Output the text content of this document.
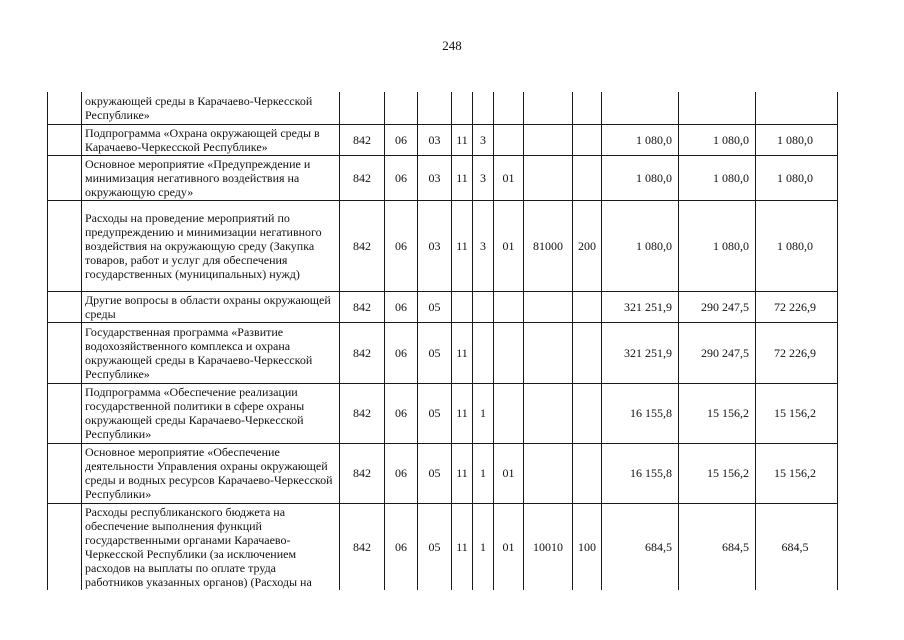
248
	окружающей среды в Карачаево-Черкесской Республике»											
	Подпрограмма «Охрана окружающей среды в Карачаево-Черкесской Республике»	842	06	03	11	3				1 080,0	1 080,0	1 080,0
	Основное мероприятие «Предупреждение и минимизация негативного воздействия на окружающую среду»	842	06	03	11	3	01			1 080,0	1 080,0	1 080,0
	Расходы на проведение мероприятий по предупреждению и минимизации негативного воздействия на окружающую среду (Закупка товаров, работ и услуг для обеспечения государственных (муниципальных) нужд)	842	06	03	11	3	01	81000	200	1 080,0	1 080,0	1 080,0
	Другие вопросы в области охраны окружающей среды	842	06	05						321 251,9	290 247,5	72 226,9
	Государственная программа «Развитие водохозяйственного комплекса и охрана окружающей среды в Карачаево-Черкесской Республике»	842	06	05	11					321 251,9	290 247,5	72 226,9
	Подпрограмма «Обеспечение реализации государственной политики в сфере охраны окружающей среды Карачаево-Черкесской Республики»	842	06	05	11	1				16 155,8	15 156,2	15 156,2
	Основное мероприятие «Обеспечение деятельности Управления охраны окружающей среды и водных ресурсов Карачаево-Черкесской Республики»	842	06	05	11	1	01			16 155,8	15 156,2	15 156,2
	Расходы республиканского бюджета на обеспечение выполнения функций государственными органами Карачаево-Черкесской Республики (за исключением расходов на выплаты по оплате труда работников указанных органов) (Расходы на	842	06	05	11	1	01	10010	100	684,5	684,5	684,5
